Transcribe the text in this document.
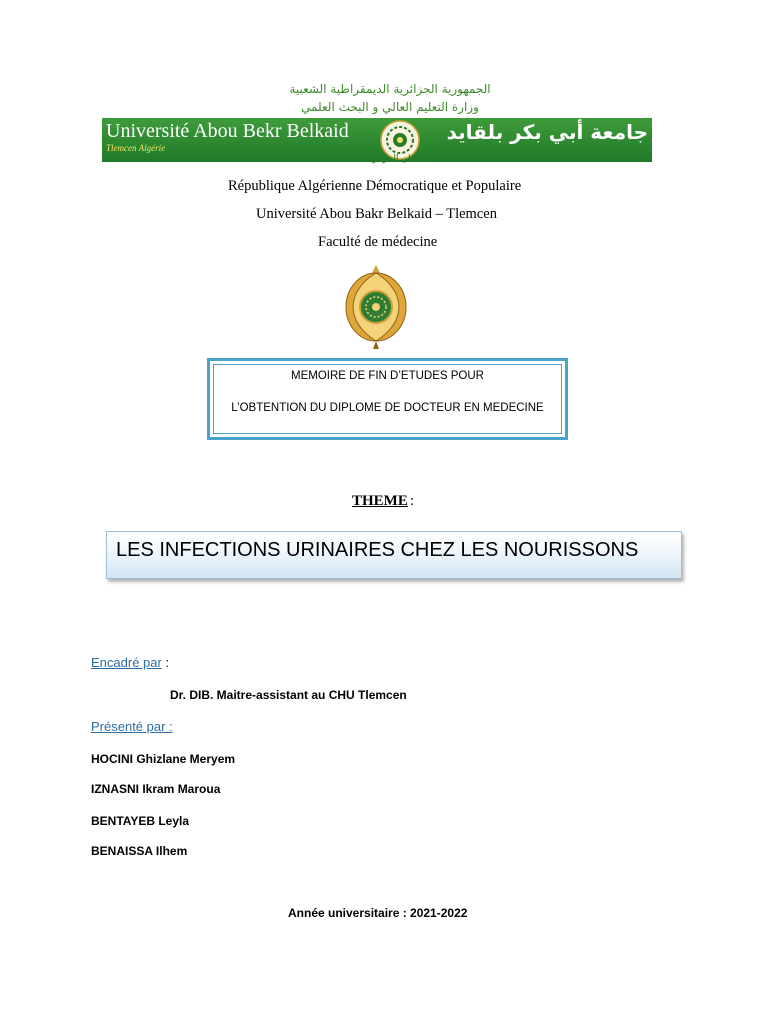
الجمهورية الجزائرية الديمقراطية الشعبية
وزارة التعليم العالي و البحث العلمي
Université Abou Bekr Belkaid
Tlemcen Algérie
جامعة أبي بكر بلقايد
تلمسان الجزائر
République Algérienne Démocratique et Populaire
Université Abou Bakr Belkaid – Tlemcen
Faculté de médecine
MEMOIRE DE FIN D’ETUDES POUR
L’OBTENTION DU DIPLOME DE DOCTEUR EN MEDECINE
THEME :
LES INFECTIONS URINAIRES CHEZ LES NOURISSONS
Encadré par :
Dr. DIB. Maitre-assistant au CHU Tlemcen
Présenté par :
HOCINI Ghizlane Meryem
IZNASNI Ikram Maroua
BENTAYEB Leyla
BENAISSA Ilhem
Année universitaire : 2021-2022
